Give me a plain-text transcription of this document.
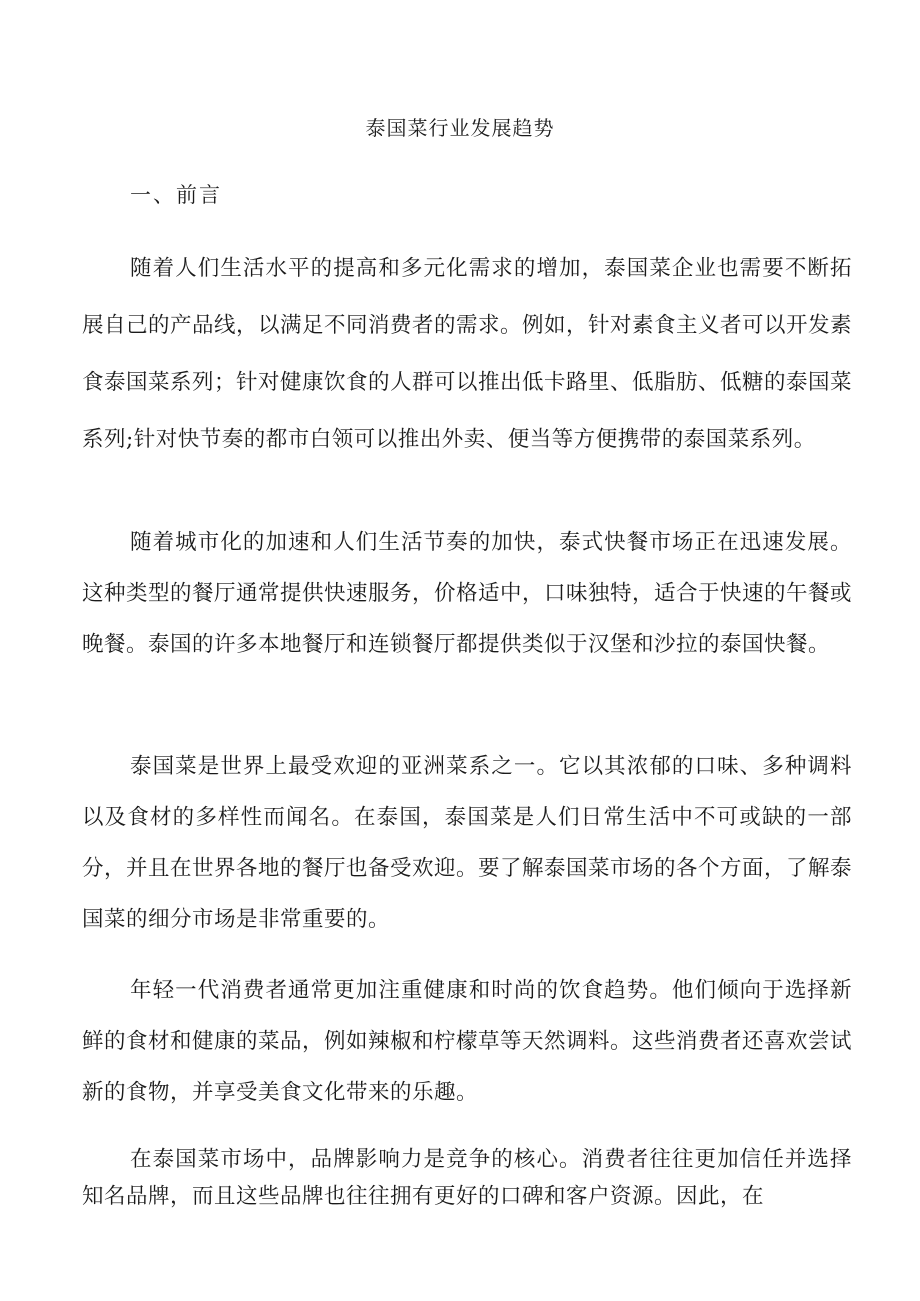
泰国菜行业发展趋势
一、前言

随着人们生活水平的提高和多元化需求的增加，泰国菜企业也需要不断拓展自己的产品线，以满足不同消费者的需求。例如，针对素食主义者可以开发素食泰国菜系列；针对健康饮食的人群可以推出低卡路里、低脂肪、低糖的泰国菜系列;针对快节奏的都市白领可以推出外卖、便当等方便携带的泰国菜系列。

随着城市化的加速和人们生活节奏的加快，泰式快餐市场正在迅速发展。这种类型的餐厅通常提供快速服务，价格适中，口味独特，适合于快速的午餐或晚餐。泰国的许多本地餐厅和连锁餐厅都提供类似于汉堡和沙拉的泰国快餐。

泰国菜是世界上最受欢迎的亚洲菜系之一。它以其浓郁的口味、多种调料以及食材的多样性而闻名。在泰国，泰国菜是人们日常生活中不可或缺的一部分，并且在世界各地的餐厅也备受欢迎。要了解泰国菜市场的各个方面，了解泰国菜的细分市场是非常重要的。

年轻一代消费者通常更加注重健康和时尚的饮食趋势。他们倾向于选择新鲜的食材和健康的菜品，例如辣椒和柠檬草等天然调料。这些消费者还喜欢尝试新的食物，并享受美食文化带来的乐趣。

在泰国菜市场中，品牌影响力是竞争的核心。消费者往往更加信任并选择知名品牌，而且这些品牌也往往拥有更好的口碑和客户资源。因此，在
